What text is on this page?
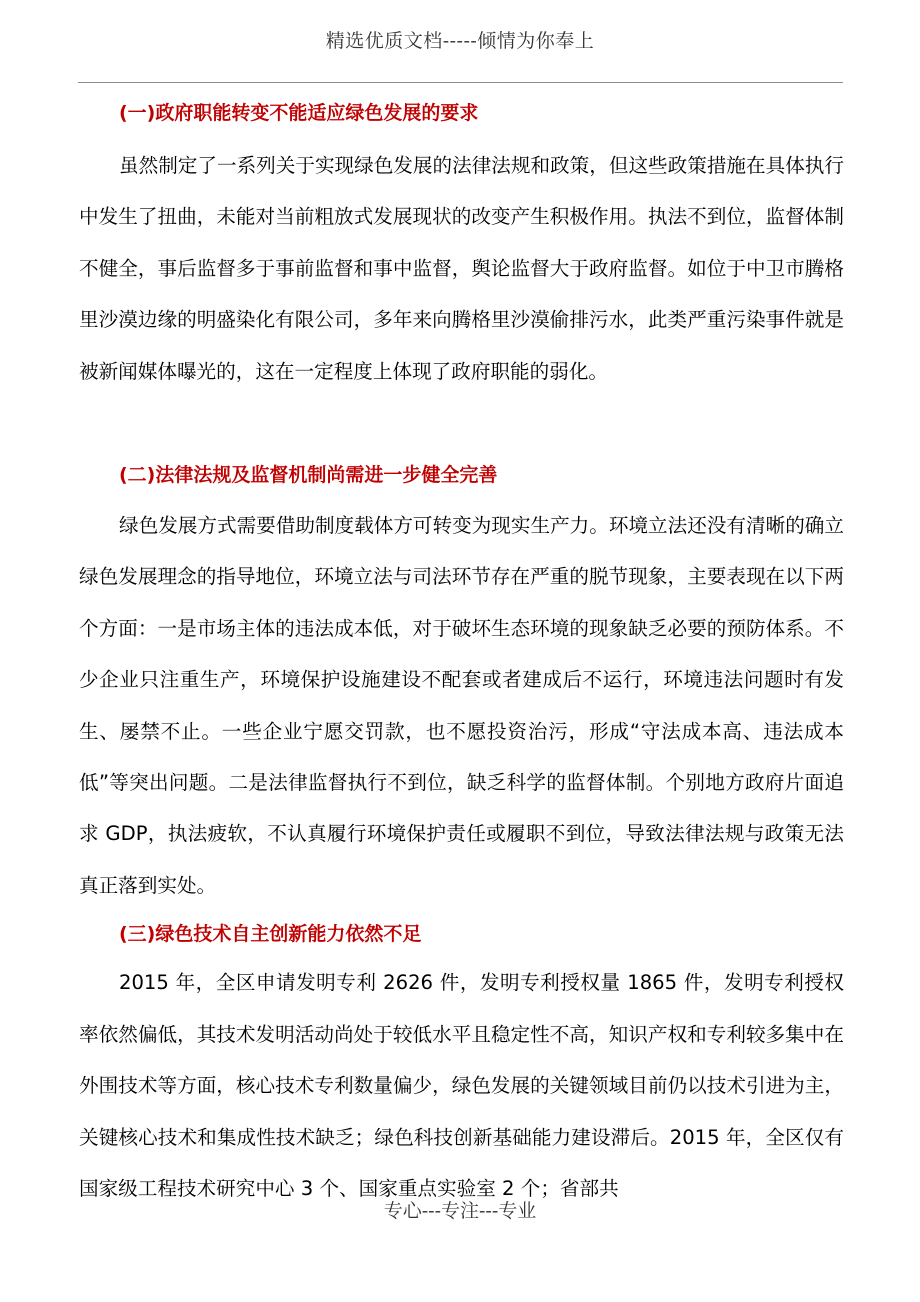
精选优质文档-----倾情为你奉上
(一)政府职能转变不能适应绿色发展的要求

虽然制定了一系列关于实现绿色发展的法律法规和政策，但这些政策措施在具体执行中发生了扭曲，未能对当前粗放式发展现状的改变产生积极作用。执法不到位，监督体制不健全，事后监督多于事前监督和事中监督，舆论监督大于政府监督。如位于中卫市腾格里沙漠边缘的明盛染化有限公司，多年来向腾格里沙漠偷排污水，此类严重污染事件就是被新闻媒体曝光的，这在一定程度上体现了政府职能的弱化。

(二)法律法规及监督机制尚需进一步健全完善

绿色发展方式需要借助制度载体方可转变为现实生产力。环境立法还没有清晰的确立绿色发展理念的指导地位，环境立法与司法环节存在严重的脱节现象，主要表现在以下两个方面：一是市场主体的违法成本低，对于破坏生态环境的现象缺乏必要的预防体系。不少企业只注重生产，环境保护设施建设不配套或者建成后不运行，环境违法问题时有发生、屡禁不止。一些企业宁愿交罚款，也不愿投资治污，形成“守法成本高、违法成本低”等突出问题。二是法律监督执行不到位，缺乏科学的监督体制。个别地方政府片面追求 GDP，执法疲软，不认真履行环境保护责任或履职不到位，导致法律法规与政策无法真正落到实处。

(三)绿色技术自主创新能力依然不足

2015 年，全区申请发明专利 2626 件，发明专利授权量 1865 件，发明专利授权率依然偏低，其技术发明活动尚处于较低水平且稳定性不高，知识产权和专利较多集中在外围技术等方面，核心技术专利数量偏少，绿色发展的关键领域目前仍以技术引进为主，关键核心技术和集成性技术缺乏；绿色科技创新基础能力建设滞后。2015 年，全区仅有国家级工程技术研究中心 3 个、国家重点实验室 2 个；省部共

专心---专注---专业
